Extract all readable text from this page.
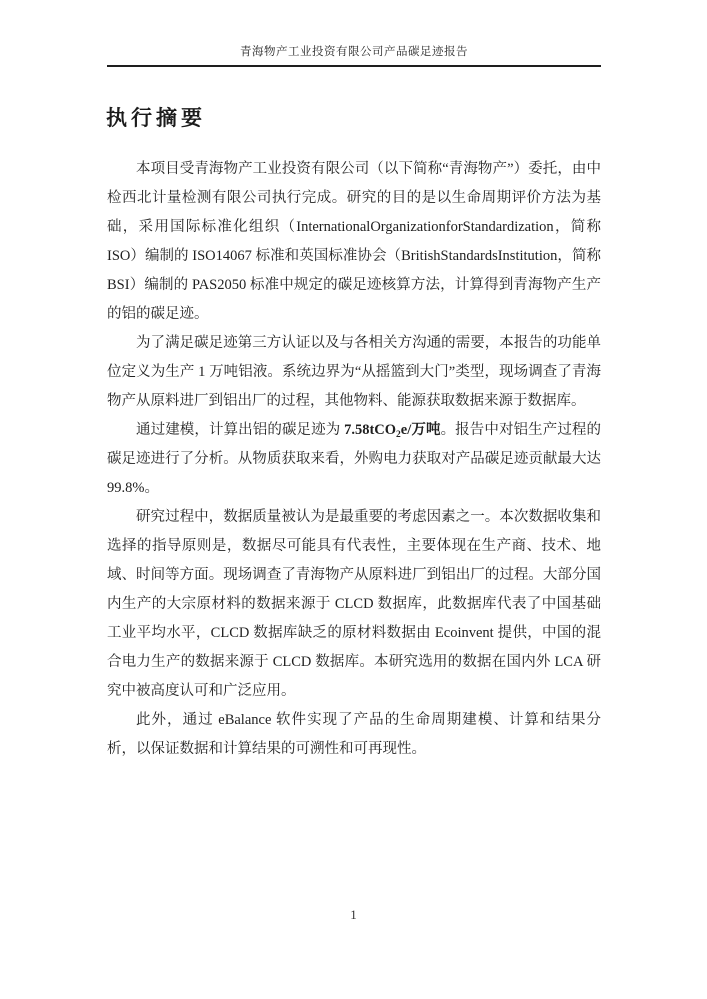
青海物产工业投资有限公司产品碳足迹报告
执行摘要

本项目受青海物产工业投资有限公司（以下简称“青海物产”）委托，由中检西北计量检测有限公司执行完成。研究的目的是以生命周期评价方法为基础，采用国际标准化组织（InternationalOrganizationforStandardization，简称 ISO）编制的 ISO14067 标准和英国标准协会（BritishStandardsInstitution，简称 BSI）编制的 PAS2050 标准中规定的碳足迹核算方法，计算得到青海物产生产的铝的碳足迹。

为了满足碳足迹第三方认证以及与各相关方沟通的需要，本报告的功能单位定义为生产 1 万吨铝液。系统边界为“从摇篮到大门”类型，现场调查了青海物产从原料进厂到铝出厂的过程，其他物料、能源获取数据来源于数据库。

通过建模，计算出铝的碳足迹为 7.58tCO$_2$e/万吨。报告中对铝生产过程的碳足迹进行了分析。从物质获取来看，外购电力获取对产品碳足迹贡献最大达 99.8%。

研究过程中，数据质量被认为是最重要的考虑因素之一。本次数据收集和选择的指导原则是，数据尽可能具有代表性，主要体现在生产商、技术、地域、时间等方面。现场调查了青海物产从原料进厂到铝出厂的过程。大部分国内生产的大宗原材料的数据来源于 CLCD 数据库，此数据库代表了中国基础工业平均水平，CLCD 数据库缺乏的原材料数据由 Ecoinvent 提供，中国的混合电力生产的数据来源于 CLCD 数据库。本研究选用的数据在国内外 LCA 研究中被高度认可和广泛应用。

此外，通过 eBalance 软件实现了产品的生命周期建模、计算和结果分析，以保证数据和计算结果的可溯性和可再现性。

1
